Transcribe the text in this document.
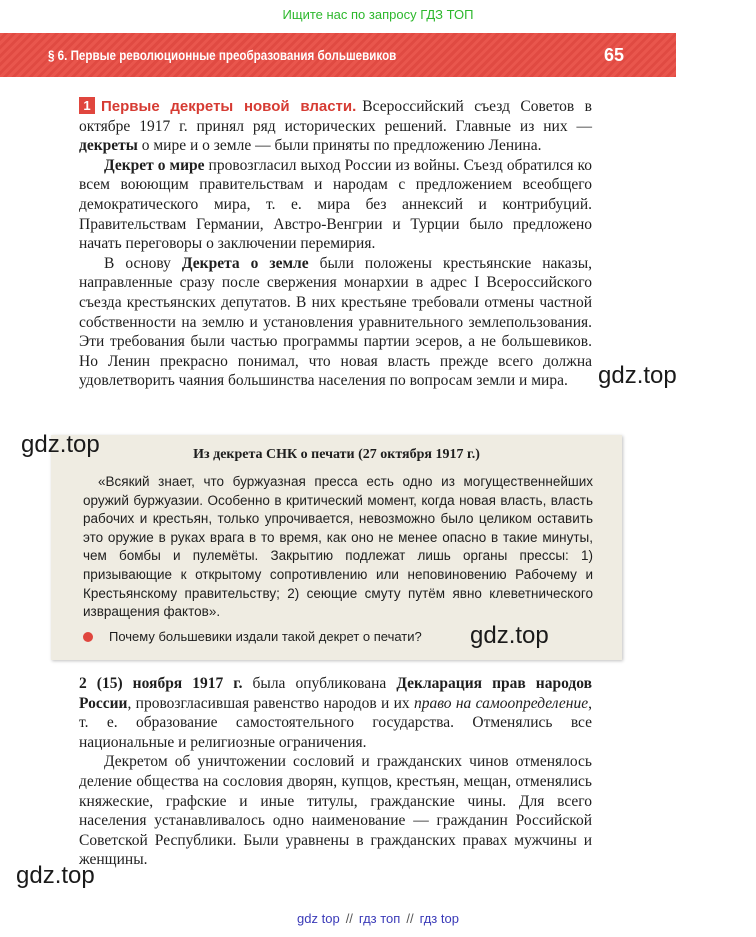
Ищите нас по запросу ГДЗ ТОП
§ 6. Первые революционные преобразования большевиков	65

1 Первые декреты новой власти. Всероссийский съезд Советов в октябре 1917 г. принял ряд исторических решений. Главные из них — декреты о мире и о земле — были приняты по предложению Ленина.

Декрет о мире провозгласил выход России из войны. Съезд обратился ко всем воюющим правительствам и народам с предложением всеобщего демократического мира, т. е. мира без аннексий и контрибуций. Правительствам Германии, Австро-Венгрии и Турции было предложено начать переговоры о заключении перемирия.

В основу Декрета о земле были положены крестьянские наказы, направленные сразу после свержения монархии в адрес I Всероссийского съезда крестьянских депутатов. В них крестьяне требовали отмены частной собственности на землю и установления уравнительного землепользования. Эти требования были частью программы партии эсеров, а не большевиков. Но Ленин прекрасно понимал, что новая власть прежде всего должна удовлетворить чаяния большинства населения по вопросам земли и мира.

Из декрета СНК о печати (27 октября 1917 г.)

«Всякий знает, что буржуазная пресса есть одно из могущественнейших оружий буржуазии. Особенно в критический момент, когда новая власть, власть рабочих и крестьян, только упрочивается, невозможно было целиком оставить это оружие в руках врага в то время, как оно не менее опасно в такие минуты, чем бомбы и пулемёты. Закрытию подлежат лишь органы прессы: 1) призывающие к открытому сопротивлению или неповиновению Рабочему и Крестьянскому правительству; 2) сеющие смуту путём явно клеветнического извращения фактов».

Почему большевики издали такой декрет о печати?

2 (15) ноября 1917 г. была опубликована Декларация прав народов России, провозгласившая равенство народов и их право на самоопределение, т. е. образование самостоятельного государства. Отменялись все национальные и религиозные ограничения.

Декретом об уничтожении сословий и гражданских чинов отменялось деление общества на сословия дворян, купцов, крестьян, мещан, отменялись княжеские, графские и иные титулы, гражданские чины. Для всего населения устанавливалось одно наименование — гражданин Российской Советской Республики. Были уравнены в гражданских правах мужчины и женщины.

gdz.top
gdz.top
gdz.top
gdz.top
gdz top // гдз топ // гдз top
